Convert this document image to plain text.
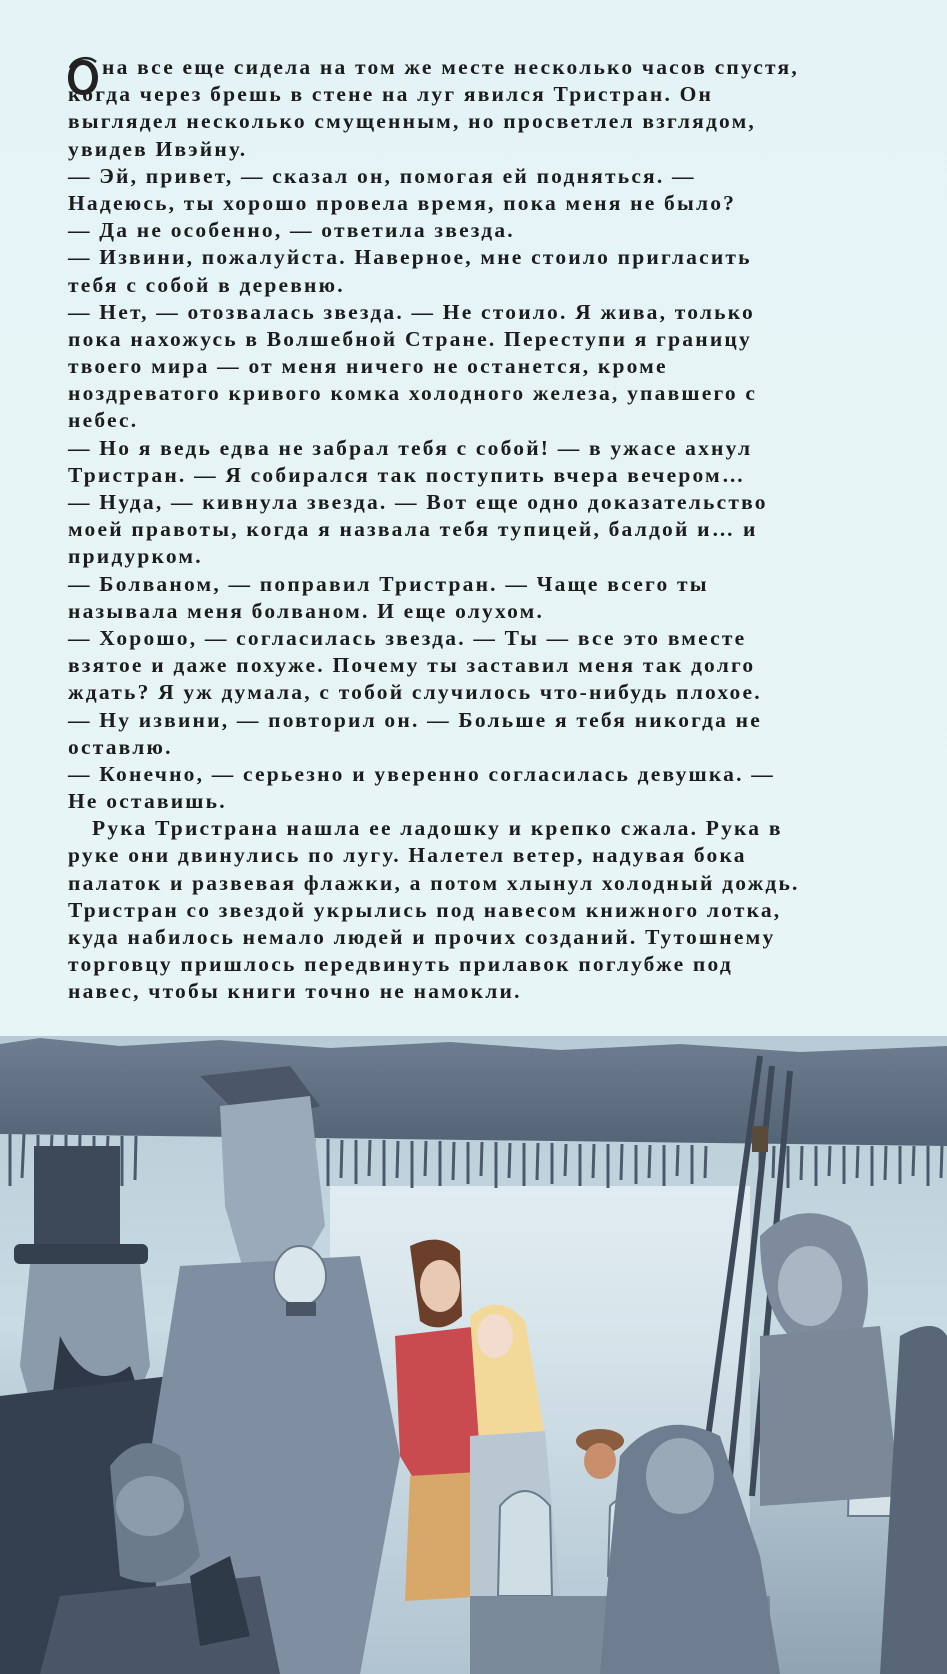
на все еще сидела на том же месте несколько часов спустя,
когда через брешь в стене на луг явился Тристран. Он
выглядел несколько смущенным, но просветлел взглядом,
увидев Ивэйну.
— Эй, привет, — сказал он, помогая ей подняться. —
Надеюсь, ты хорошо провела время, пока меня не было?
— Да не особенно, — ответила звезда.
— Извини, пожалуйста. Наверное, мне стоило пригласить
тебя с собой в деревню.
— Нет, — отозвалась звезда. — Не стоило. Я жива, только
пока нахожусь в Волшебной Стране. Переступи я границу
твоего мира — от меня ничего не останется, кроме
ноздреватого кривого комка холодного железа, упавшего с
небес.
— Но я ведь едва не забрал тебя с собой! — в ужасе ахнул
Тристран. — Я собирался так поступить вчера вечером…
— Нуда, — кивнула звезда. — Вот еще одно доказательство
моей правоты, когда я назвала тебя тупицей, балдой и… и
придурком.
— Болваном, — поправил Тристран. — Чаще всего ты
называла меня болваном. И еще олухом.
— Хорошо, — согласилась звезда. — Ты — все это вместе
взятое и даже похуже. Почему ты заставил меня так долго
ждать? Я уж думала, с тобой случилось что-нибудь плохое.
— Ну извини, — повторил он. — Больше я тебя никогда не
оставлю.
— Конечно, — серьезно и уверенно согласилась девушка. —
Не оставишь.
Рука Тристрана нашла ее ладошку и крепко сжала. Рука в
руке они двинулись по лугу. Налетел ветер, надувая бока
палаток и развевая флажки, а потом хлынул холодный дождь.
Тристран со звездой укрылись под навесом книжного лотка,
куда набилось немало людей и прочих созданий. Тутошнему
торговцу пришлось передвинуть прилавок поглубже под
навес, чтобы книги точно не намокли.
